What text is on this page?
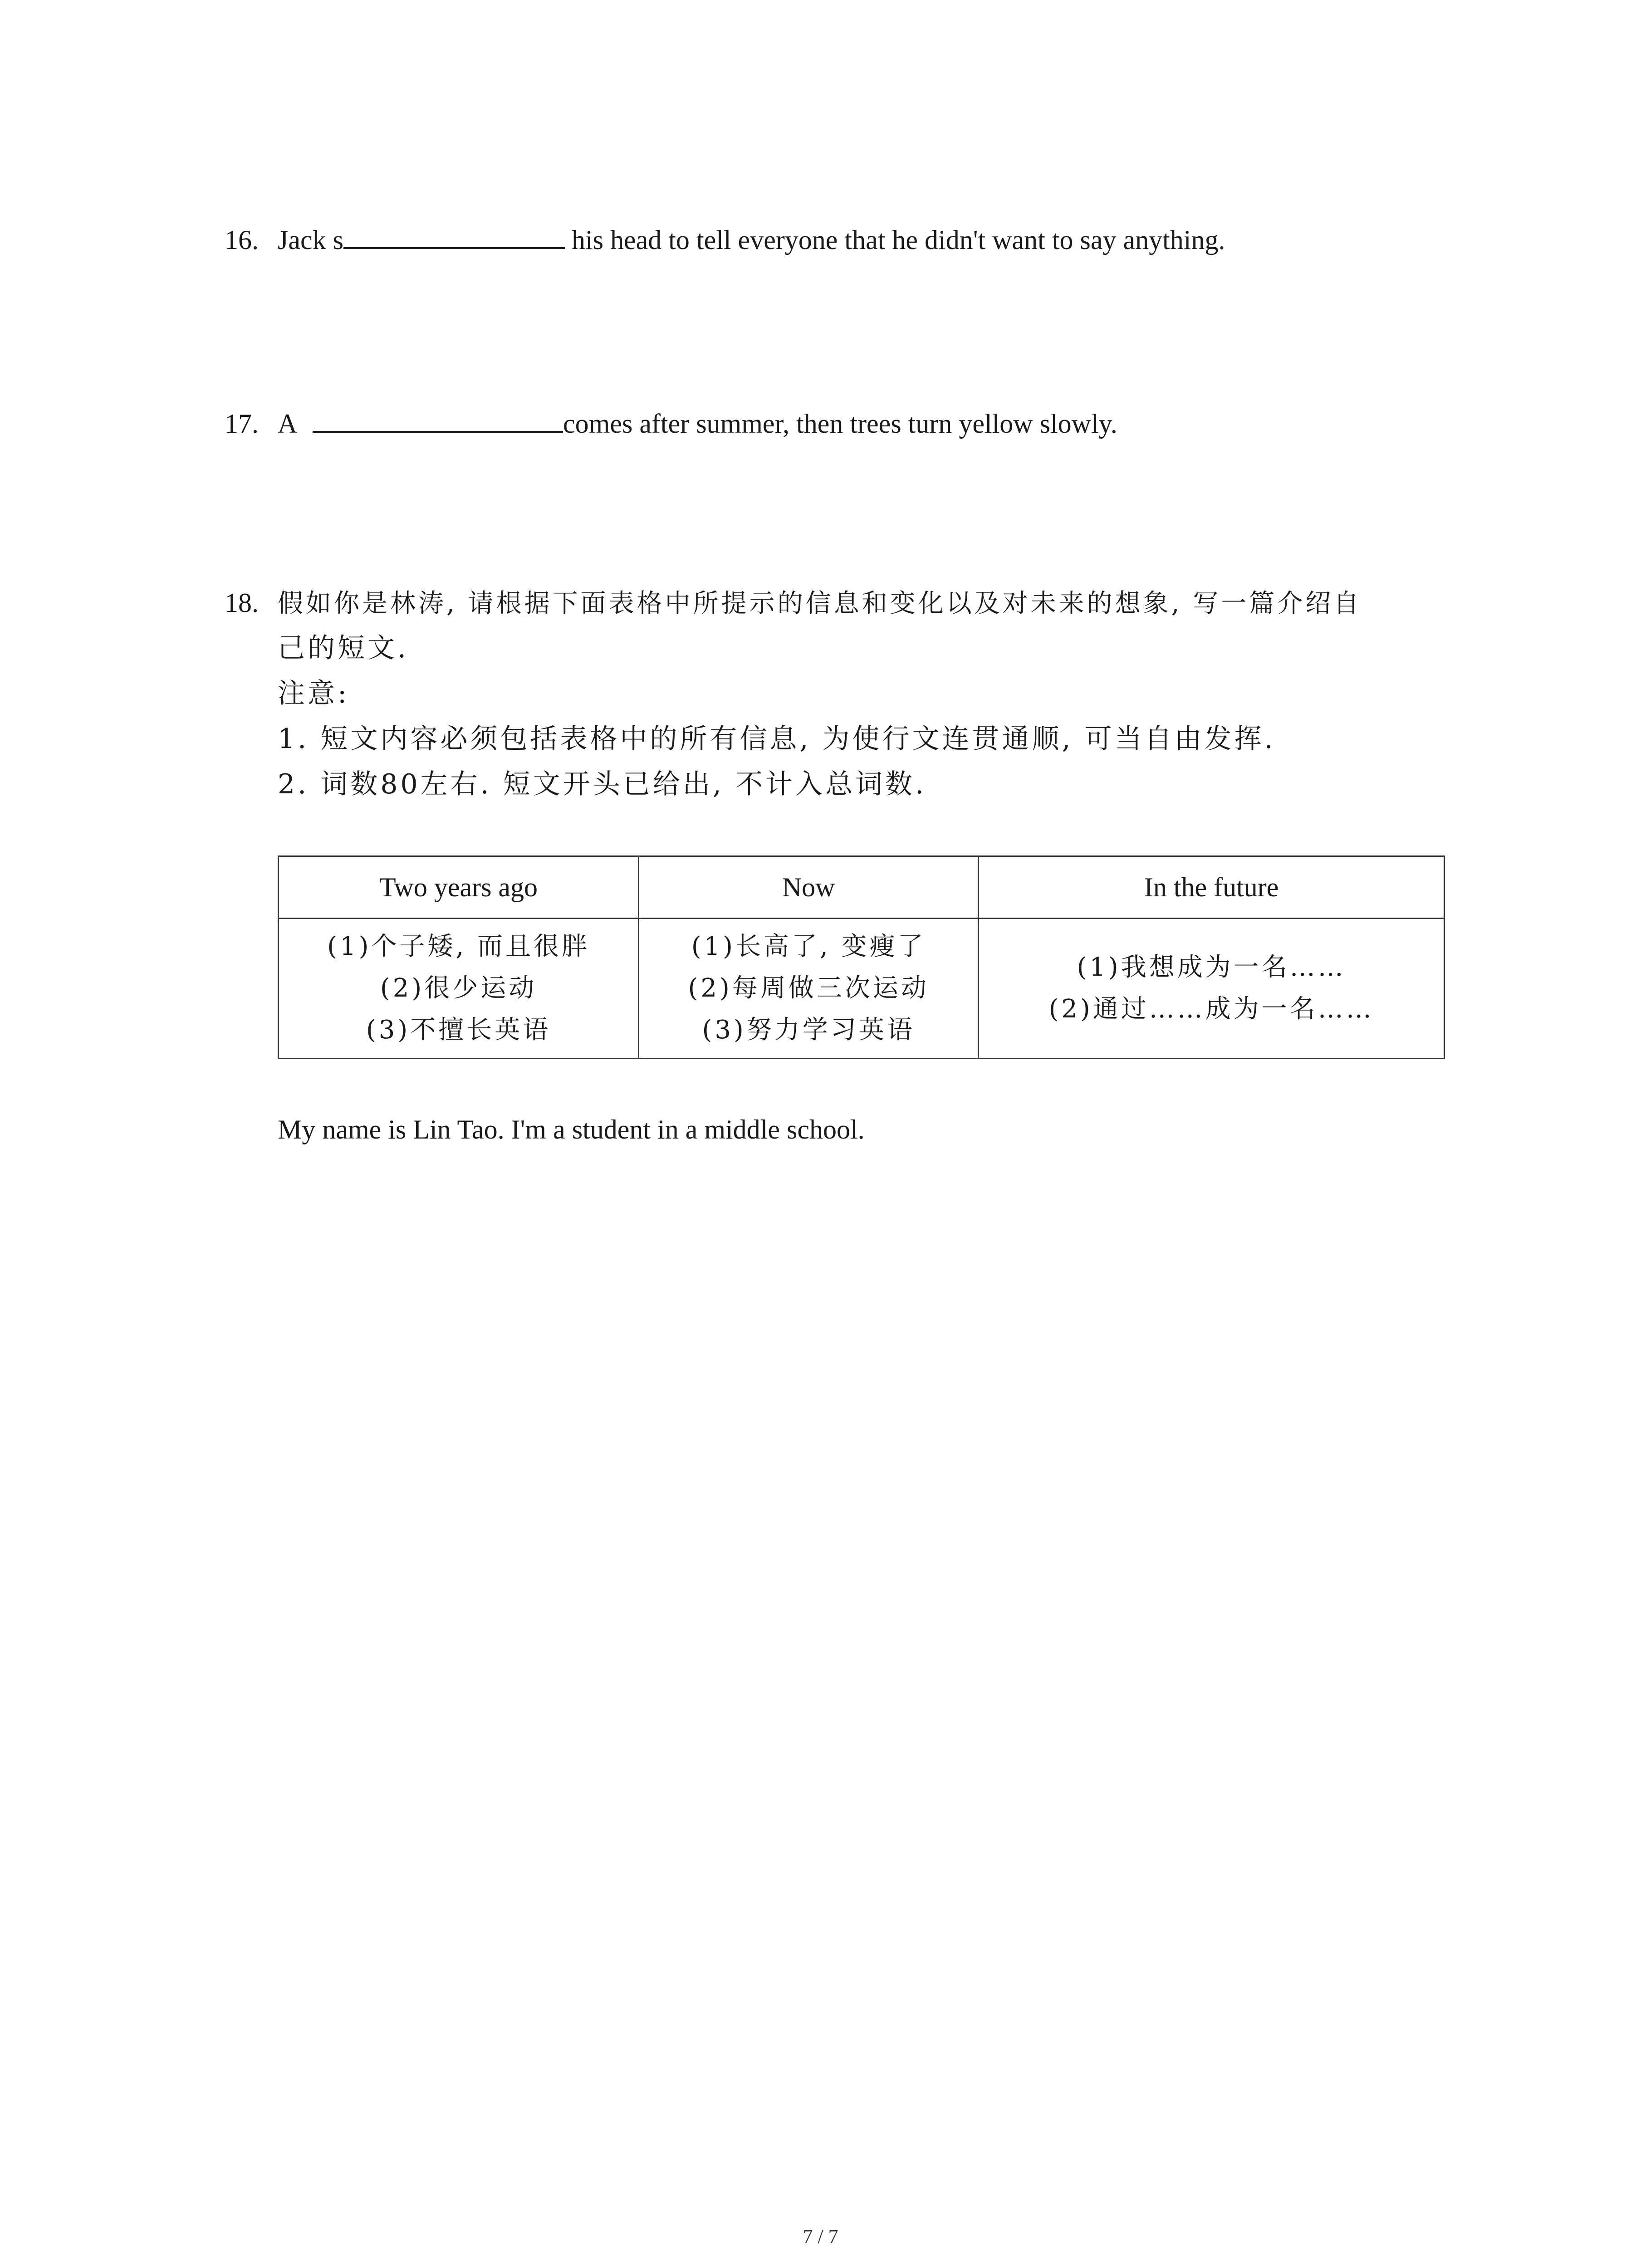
16. Jack s	his head to tell everyone that he didn't want to say anything.
17. A	comes after summer, then trees turn yellow slowly.
18. 假如你是林涛, 请根据下面表格中所提示的信息和变化以及对未来的想象, 写一篇介绍自
己的短文.
注意:
1. 短文内容必须包括表格中的所有信息, 为使行文连贯通顺, 可当自由发挥.
2. 词数80左右. 短文开头已给出, 不计入总词数.
Two years ago	Now	In the future

(1)个子矮, 而且很胖
(2)很少运动
(3)不擅长英语	(1)长高了, 变瘦了
(2)每周做三次运动
(3)努力学习英语	(1)我想成为一名……
(2)通过……成为一名……
My name is Lin Tao. I'm a student in a middle school.
7 / 7
